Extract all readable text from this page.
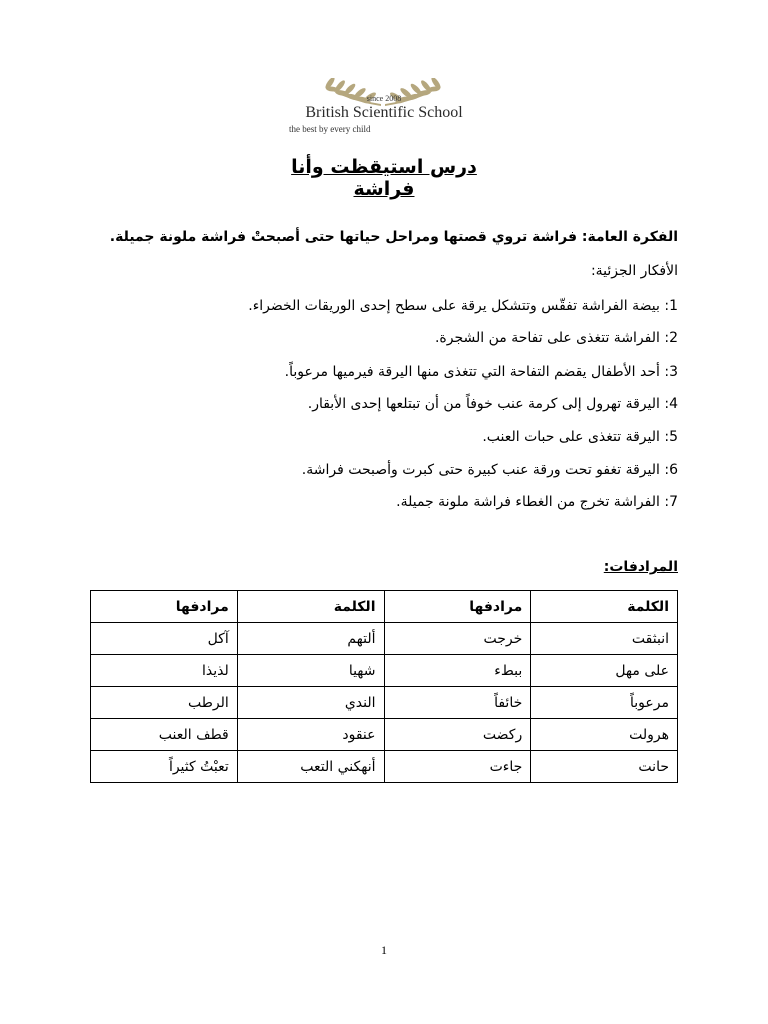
since 2008
British Scientific School
the best by every child
درس استيقظت وأنا فراشة
الفكرة العامة: فراشة تروي قصتها ومراحل حياتها حتى أصبحتْ فراشة ملونة جميلة.
الأفكار الجزئية:
1: بيضة الفراشة تفقّس وتتشكل يرقة على سطح إحدى الوريقات الخضراء.
2: الفراشة تتغذى على تفاحة من الشجرة.
3: أحد الأطفال يقضم التفاحة التي تتغذى منها اليرقة فيرميها مرعوباً.
4: اليرقة تهرول إلى كرمة عنب خوفاً من أن تبتلعها إحدى الأبقار.
5: اليرقة تتغذى على حبات العنب.
6: اليرقة تغفو تحت ورقة عنب كبيرة حتى كبرت وأصبحت فراشة.
7: الفراشة تخرج من الغطاء فراشة ملونة جميلة.
المرادفات:
الكلمة	مرادفها	الكلمة	مرادفها
انبثقت	خرجت	ألتهم	آكل
على مهل	ببطء	شهيا	لذيذا
مرعوباً	خائفاً	الندي	الرطب
هرولت	ركضت	عنقود	قطف العنب
حانت	جاءت	أنهكني التعب	تعبْتُ كثيراً
1
